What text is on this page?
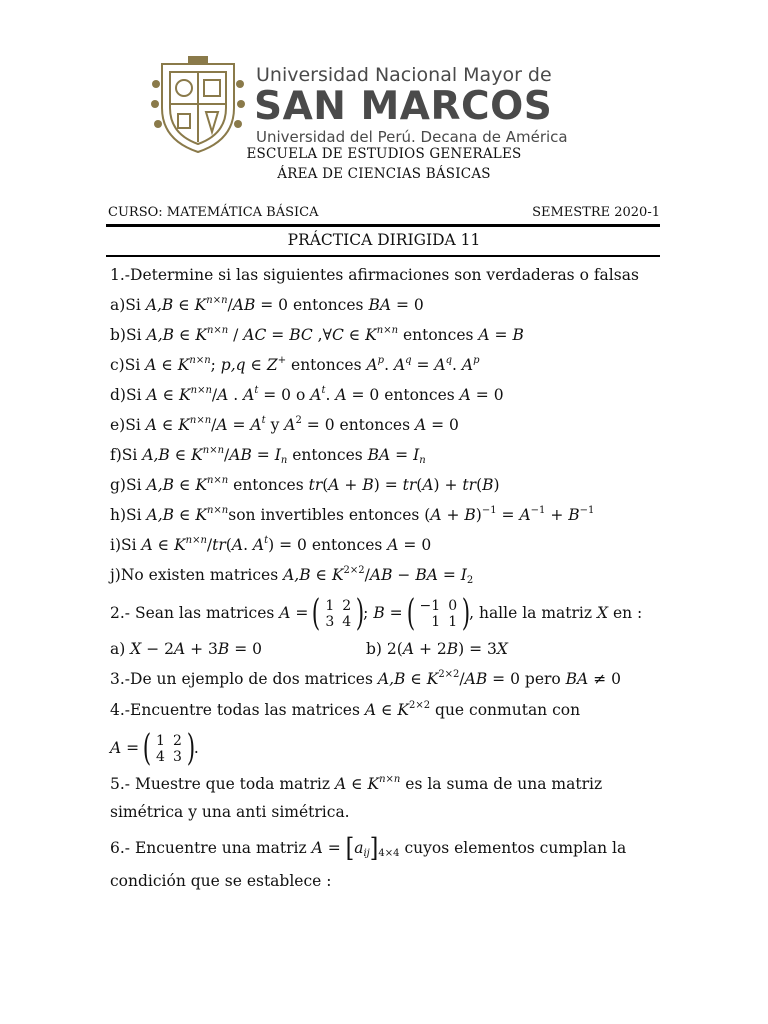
Universidad Nacional Mayor de
SAN MARCOS
Universidad del Perú. Decana de América
ESCUELA DE ESTUDIOS GENERALES
ÁREA DE CIENCIAS BÁSICAS
CURSO: MATEMÁTICA BÁSICA	SEMESTRE 2020-1
PRÁCTICA DIRIGIDA 11
1.-Determine si las siguientes afirmaciones son verdaderas o falsas
a)Si A,B ∈ $K^{n\times n}/AB = 0$ entonces BA = 0
b)Si A,B ∈ $K^{n\times n}$ / AC = BC ,∀C ∈ $K^{n\times n}$ entonces A = B
c)Si A ∈ $K^{n\times n}$; p,q ∈ Z+ entonces $A^p$. $A^q = A^q$. $A^p$
d)Si A ∈ $K^{n\times n}/A$ . $A^t = 0$ o $A^t$. A = 0 entonces A = 0
e)Si A ∈ $K^{n\times n}/A = A^t$ y $A^2 = 0$ entonces A = 0
f)Si A,B ∈ $K^{n\times n}/AB = I_n$ entonces BA = $I_n$
g)Si A,B ∈ $K^{n\times n}$ entonces tr(A + B) = tr(A) + tr(B)
h)Si A,B ∈ $K^{n\times n}son$ invertibles entonces $(A + B)^{-1} = A^{-1} + B^{-1}$
i)Si A ∈ $K^{n\times n}/tr(A$. $A^t) = 0$ entonces A = 0
j)No existen matrices A,B ∈ $K^{2\times 2}/AB$ − BA = $I_2$
2.- Sean las matrices A =
( 1	2
3	4 )
; B =
( −1	0
1	1 )
, halle la matriz X en :
a) X − 2A + 3B = 0	b) 2(A + 2B) = 3X
3.-De un ejemplo de dos matrices A,B ∈ $K^{2\times 2}/AB = 0$ pero BA ≠ 0
4.-Encuentre todas las matrices A ∈ $K^{2\times 2}$ que conmutan con
A =
( 1	2
4	3 )
.
5.- Muestre que toda matriz A ∈ $K^{n\times n}$ es la suma de una matriz
simétrica y una anti simétrica.
6.- Encuentre una matriz $A = [a_{ij}]_{4\times 4}$ cuyos elementos cumplan la
condición que se establece :
